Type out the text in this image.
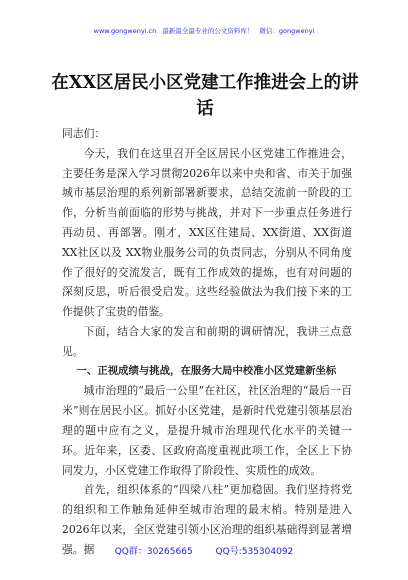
www.gongwenyi.cn 最新最全最专业的公文资料库！ 微信：gongwenyi
在XX区居民小区党建工作推进会上的讲话

同志们：

今天，我们在这里召开全区居民小区党建工作推进会，主要任务是深入学习贯彻2026年以来中央和省、市关于加强城市基层治理的系列新部署新要求，总结交流前一阶段的工作，分析当前面临的形势与挑战，并对下一步重点任务进行再动员、再部署。刚才，XX区住建局、XX街道、XX街道 XX社区以及 XX物业服务公司的负责同志，分别从不同角度作了很好的交流发言，既有工作成效的提炼，也有对问题的深刻反思，听后很受启发。这些经验做法为我们接下来的工作提供了宝贵的借鉴。

下面，结合大家的发言和前期的调研情况，我讲三点意见。

一、正视成绩与挑战，在服务大局中校准小区党建新坐标

城市治理的“最后一公里”在社区，社区治理的“最后一百米”则在居民小区。抓好小区党建，是新时代党建引领基层治理的题中应有之义，是提升城市治理现代化水平的关键一环。近年来，区委、区政府高度重视此项工作，全区上下协同发力，小区党建工作取得了阶段性、实质性的成效。

首先，组织体系的“四梁八柱”更加稳固。我们坚持将党的组织和工作触角延伸至城市治理的最末梢。特别是进入2026年以来，全区党建引领小区治理的组织基础得到显著增强。据	QQ群：30265665	QQ号:535304092
